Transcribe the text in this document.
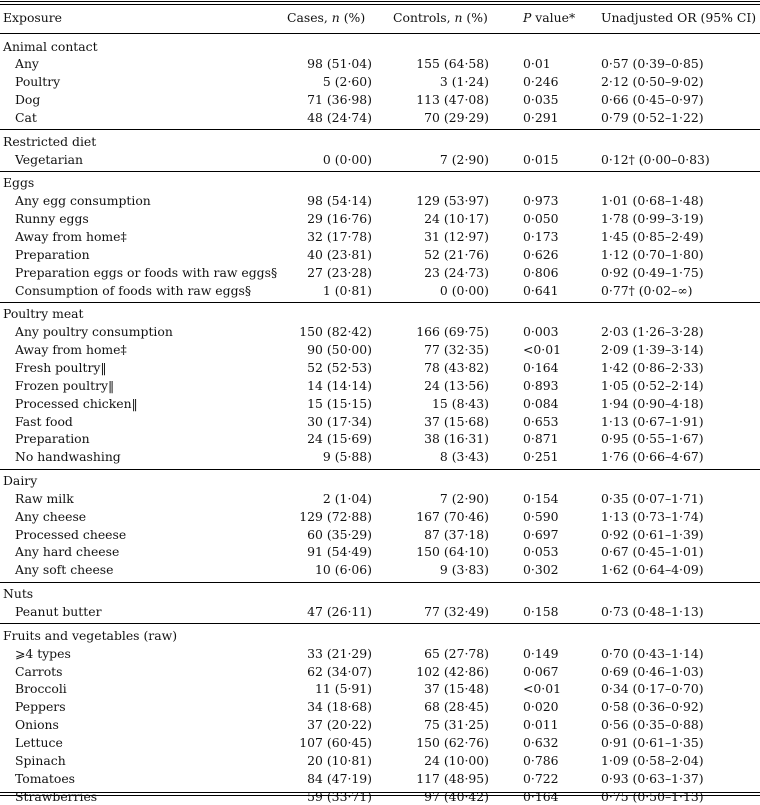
Exposure	Cases, n (%) Controls, n (%)	P value* Unadjusted OR (95% CI)
Animal contact
Any	98 (51·04)	155 (64·58)	0·01	0·57 (0·39–0·85)
Poultry	5 (2·60)	3 (1·24)	0·246	2·12 (0·50–9·02)
Dog	71 (36·98)	113 (47·08)	0·035	0·66 (0·45–0·97)
Cat	48 (24·74)	70 (29·29)	0·291	0·79 (0·52–1·22)
Restricted diet
Vegetarian	0 (0·00)	7 (2·90)	0·015	0·12† (0·00–0·83)
Eggs
Any egg consumption	98 (54·14)	129 (53·97)	0·973	1·01 (0·68–1·48)
Runny eggs	29 (16·76)	24 (10·17)	0·050	1·78 (0·99–3·19)
Away from home‡	32 (17·78)	31 (12·97)	0·173	1·45 (0·85–2·49)
Preparation	40 (23·81)	52 (21·76)	0·626	1·12 (0·70–1·80)
Preparation eggs or foods with raw eggs§ 27 (23·28)	23 (24·73)	0·806	0·92 (0·49–1·75)
Consumption of foods with raw eggs§	1 (0·81)	0 (0·00)	0·641	0·77† (0·02–∞)
Poultry meat
Any poultry consumption	150 (82·42)	166 (69·75)	0·003	2·03 (1·26–3·28)
Away from home‡	90 (50·00)	77 (32·35)	<0·01	2·09 (1·39–3·14)
Fresh poultry‖	52 (52·53)	78 (43·82)	0·164	1·42 (0·86–2·33)
Frozen poultry‖	14 (14·14)	24 (13·56)	0·893	1·05 (0·52–2·14)
Processed chicken‖	15 (15·15)	15 (8·43)	0·084	1·94 (0·90–4·18)
Fast food	30 (17·34)	37 (15·68)	0·653	1·13 (0·67–1·91)
Preparation	24 (15·69)	38 (16·31)	0·871	0·95 (0·55–1·67)
No handwashing	9 (5·88)	8 (3·43)	0·251	1·76 (0·66–4·67)
Dairy
Raw milk	2 (1·04)	7 (2·90)	0·154	0·35 (0·07–1·71)
Any cheese	129 (72·88)	167 (70·46)	0·590	1·13 (0·73–1·74)
Processed cheese	60 (35·29)	87 (37·18)	0·697	0·92 (0·61–1·39)
Any hard cheese	91 (54·49)	150 (64·10)	0·053	0·67 (0·45–1·01)
Any soft cheese	10 (6·06)	9 (3·83)	0·302	1·62 (0·64–4·09)
Nuts
Peanut butter	47 (26·11)	77 (32·49)	0·158	0·73 (0·48–1·13)
Fruits and vegetables (raw)
⩾4 types	33 (21·29)	65 (27·78)	0·149	0·70 (0·43–1·14)
Carrots	62 (34·07)	102 (42·86)	0·067	0·69 (0·46–1·03)
Broccoli	11 (5·91)	37 (15·48)	<0·01	0·34 (0·17–0·70)
Peppers	34 (18·68)	68 (28·45)	0·020	0·58 (0·36–0·92)
Onions	37 (20·22)	75 (31·25)	0·011	0·56 (0·35–0·88)
Lettuce	107 (60·45)	150 (62·76)	0·632	0·91 (0·61–1·35)
Spinach	20 (10·81)	24 (10·00)	0·786	1·09 (0·58–2·04)
Tomatoes	84 (47·19)	117 (48·95)	0·722	0·93 (0·63–1·37)
Strawberries	59 (33·71)	97 (40·42)	0·164	0·75 (0·50–1·13)
